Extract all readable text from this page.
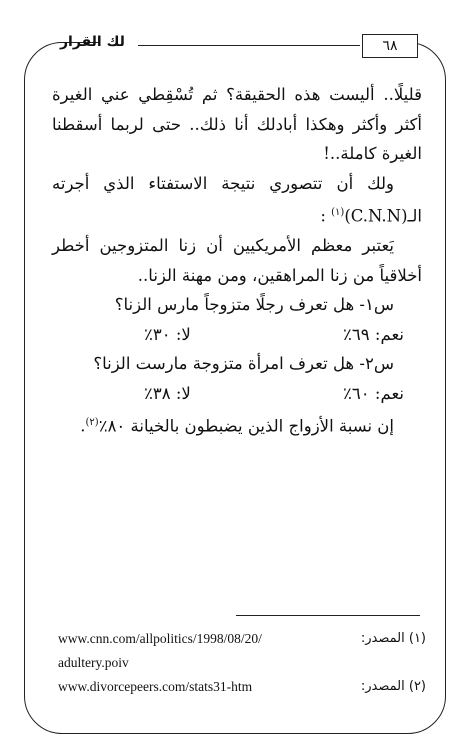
لك القرار	٦٨

قليلًا.. أليست هذه الحقيقة؟ ثم تُسْقِطي عني الغيرة أكثر وأكثر وهكذا أبادلك أنا ذلك.. حتى لربما أسقطنا الغيرة كاملة..!

ولك أن تتصوري نتيجة الاستفتاء الذي أجرته $الـ(C.N.N)^{(١)}$ :

يَعتبر معظم الأمريكيين أن زنا المتزوجين أخطر أخلاقياً من زنا المراهقين، ومن مهنة الزنا..

س١- هل تعرف رجلًا متزوجاً مارس الزنا؟

نعم: ٦٩٪
لا: ٣٠٪

س٢- هل تعرف امرأة متزوجة مارست الزنا؟

نعم: ٦٠٪
لا: ٣٨٪

إن نسبة الأزواج الذين يضبطون بالخيانة ٨٠٪$^{(٢)}$.

www.cnn.com/allpolitics/1998/08/20/	(١) المصدر:
adultery.poiv
www.divorcepeers.com/stats31-htm	(٢) المصدر:
